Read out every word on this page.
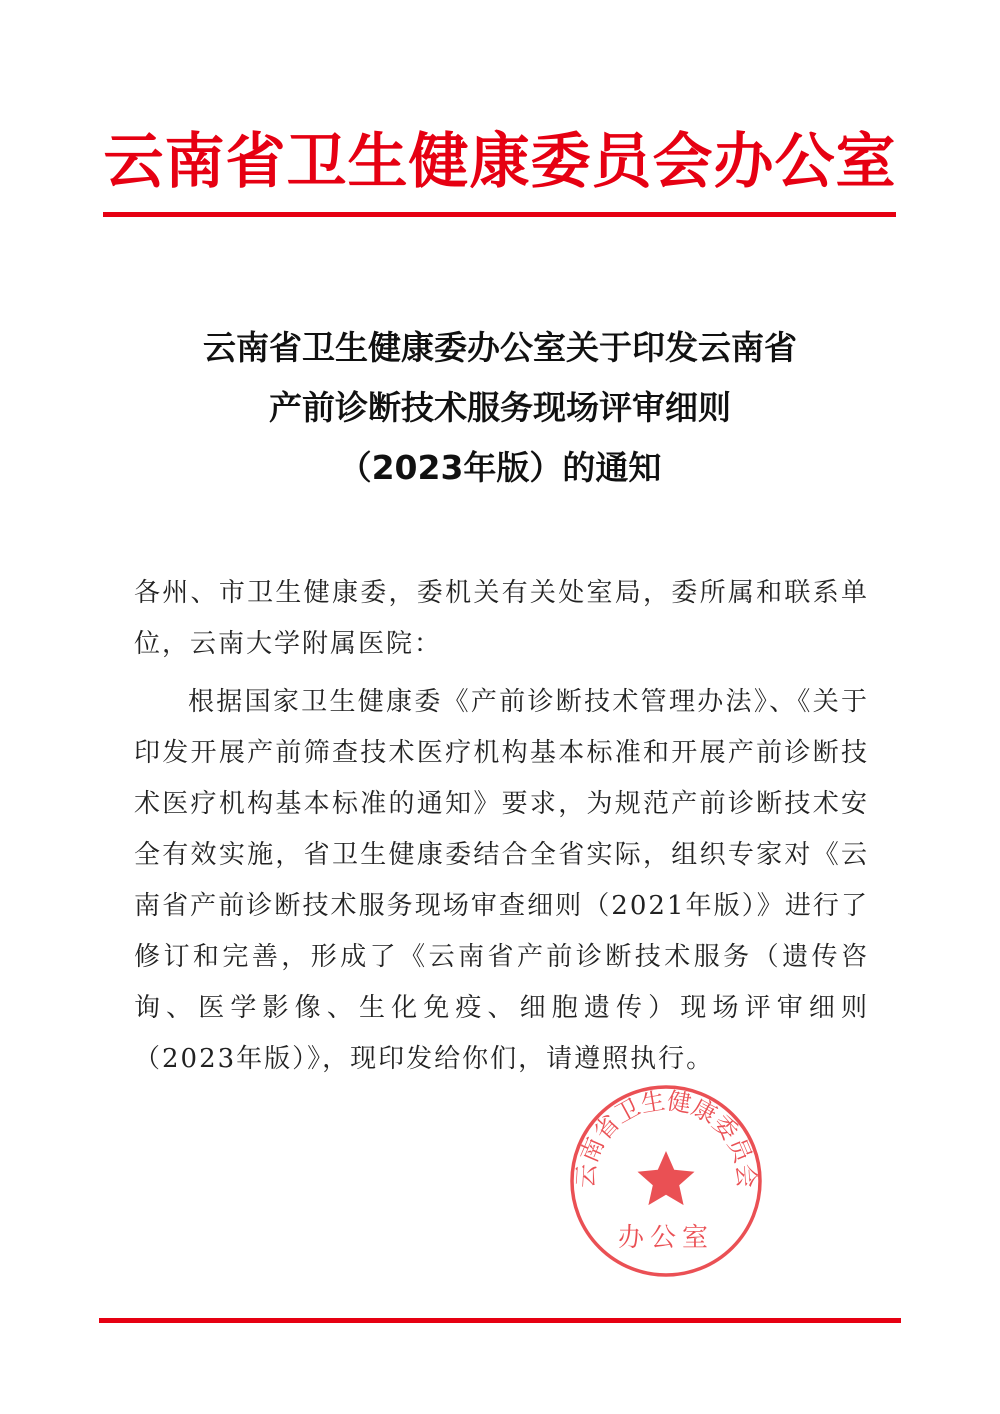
云南省卫生健康委员会办公室
云南省卫生健康委办公室关于印发云南省
产前诊断技术服务现场评审细则
（2023年版）的通知

各州、市卫生健康委，委机关有关处室局，委所属和联系单位，云南大学附属医院：

根据国家卫生健康委《产前诊断技术管理办法》、《关于印发开展产前筛查技术医疗机构基本标准和开展产前诊断技术医疗机构基本标准的通知》要求，为规范产前诊断技术安全有效实施，省卫生健康委结合全省实际，组织专家对《云南省产前诊断技术服务现场审查细则（2021年版）》进行了修订和完善，形成了《云南省产前诊断技术服务（遗传咨询、医学影像、生化免疫、细胞遗传）现场评审细则（2023年版）》，现印发给你们，请遵照执行。

云南省卫生健康委员会
办公室
